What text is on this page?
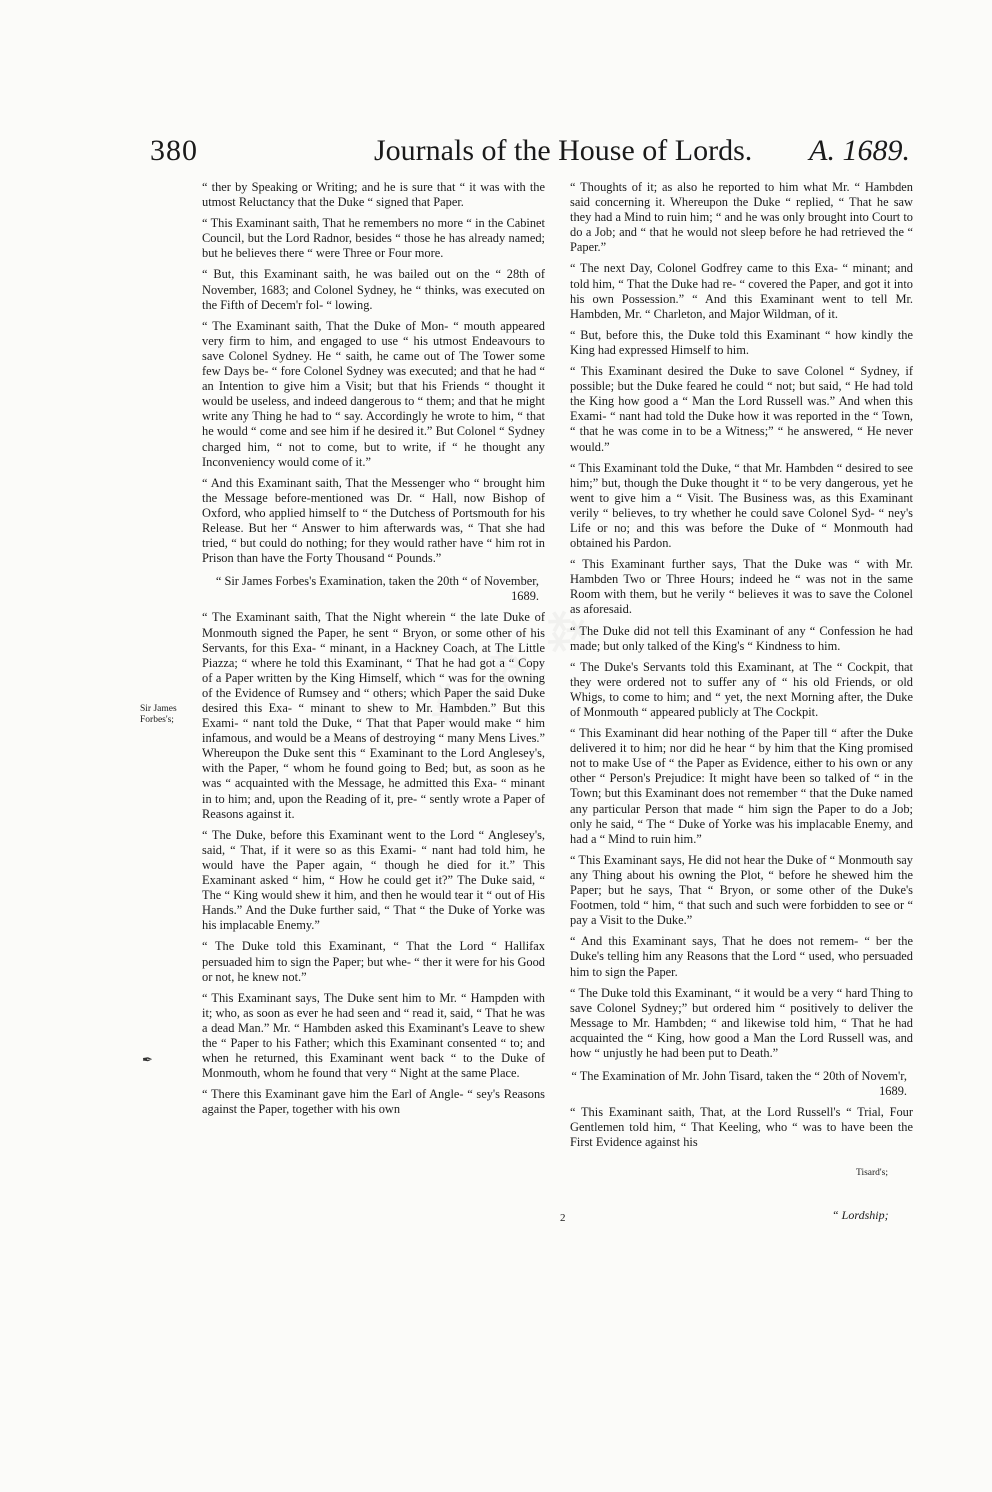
380	Journals of the House of Lords. A. 1689.
Sir James Forbes's;
✒

“ ther by Speaking or Writing; and he is sure that “ it was with the utmost Reluctancy that the Duke “ signed that Paper.

“ This Examinant saith, That he remembers no more “ in the Cabinet Council, but the Lord Radnor, besides “ those he has already named; but he believes there “ were Three or Four more.

“ But, this Examinant saith, he was bailed out on the “ 28th of November, 1683; and Colonel Sydney, he “ thinks, was executed on the Fifth of Decem'r fol- “ lowing.

“ The Examinant saith, That the Duke of Mon- “ mouth appeared very firm to him, and engaged to use “ his utmost Endeavours to save Colonel Sydney. He “ saith, he came out of The Tower some few Days be- “ fore Colonel Sydney was executed; and that he had “ an Intention to give him a Visit; but that his Friends “ thought it would be useless, and indeed dangerous to “ them; and that he might write any Thing he had to “ say. Accordingly he wrote to him, “ that he would “ come and see him if he desired it.” But Colonel “ Sydney charged him, “ not to come, but to write, if “ he thought any Inconveniency would come of it.”

“ And this Examinant saith, That the Messenger who “ brought him the Message before-mentioned was Dr. “ Hall, now Bishop of Oxford, who applied himself to “ the Dutchess of Portsmouth for his Release. But her “ Answer to him afterwards was, “ That she had tried, “ but could do nothing; for they would rather have “ him rot in Prison than have the Forty Thousand “ Pounds.”

“ Sir James Forbes's Examination, taken the 20th “ of November, 1689.

“ The Examinant saith, That the Night wherein “ the late Duke of Monmouth signed the Paper, he sent “ Bryon, or some other of his Servants, for this Exa- “ minant, in a Hackney Coach, at The Little Piazza; “ where he told this Examinant, “ That he had got a “ Copy of a Paper written by the King Himself, which “ was for the owning of the Evidence of Rumsey and “ others; which Paper the said Duke desired this Exa- “ minant to shew to Mr. Hambden.” But this Exami- “ nant told the Duke, “ That that Paper would make “ him infamous, and would be a Means of destroying “ many Mens Lives.” Whereupon the Duke sent this “ Examinant to the Lord Anglesey's, with the Paper, “ whom he found going to Bed; but, as soon as he was “ acquainted with the Message, he admitted this Exa- “ minant in to him; and, upon the Reading of it, pre- “ sently wrote a Paper of Reasons against it.

“ The Duke, before this Examinant went to the Lord “ Anglesey's, said, “ That, if it were so as this Exami- “ nant had told him, he would have the Paper again, “ though he died for it.” This Examinant asked “ him, “ How he could get it?” The Duke said, “ The “ King would shew it him, and then he would tear it “ out of His Hands.” And the Duke further said, “ That “ the Duke of Yorke was his implacable Enemy.”

“ The Duke told this Examinant, “ That the Lord “ Hallifax persuaded him to sign the Paper; but whe- “ ther it were for his Good or not, he knew not.”

“ This Examinant says, The Duke sent him to Mr. “ Hampden with it; who, as soon as ever he had seen and “ read it, said, “ That he was a dead Man.” Mr. “ Hambden asked this Examinant's Leave to shew the “ Paper to his Father; which this Examinant consented “ to; and when he returned, this Examinant went back “ to the Duke of Monmouth, whom he found that very “ Night at the same Place.

“ There this Examinant gave him the Earl of Angle- “ sey's Reasons against the Paper, together with his own

“ Thoughts of it; as also he reported to him what Mr. “ Hambden said concerning it. Whereupon the Duke “ replied, “ That he saw they had a Mind to ruin him; “ and he was only brought into Court to do a Job; and “ that he would not sleep before he had retrieved the “ Paper.”

“ The next Day, Colonel Godfrey came to this Exa- “ minant; and told him, “ That the Duke had re- “ covered the Paper, and got it into his own Possession.” “ And this Examinant went to tell Mr. Hambden, Mr. “ Charleton, and Major Wildman, of it.

“ But, before this, the Duke told this Examinant “ how kindly the King had expressed Himself to him.

“ This Examinant desired the Duke to save Colonel “ Sydney, if possible; but the Duke feared he could “ not; but said, “ He had told the King how good a “ Man the Lord Russell was.” And when this Exami- “ nant had told the Duke how it was reported in the “ Town, “ that he was come in to be a Witness;” “ he answered, “ He never would.”

“ This Examinant told the Duke, “ that Mr. Hambden “ desired to see him;” but, though the Duke thought it “ to be very dangerous, yet he went to give him a “ Visit. The Business was, as this Examinant verily “ believes, to try whether he could save Colonel Syd- “ ney's Life or no; and this was before the Duke of “ Monmouth had obtained his Pardon.

“ This Examinant further says, That the Duke was “ with Mr. Hambden Two or Three Hours; indeed he “ was not in the same Room with them, but he verily “ believes it was to save the Colonel as aforesaid.

“ The Duke did not tell this Examinant of any “ Confession he had made; but only talked of the King's “ Kindness to him.

“ The Duke's Servants told this Examinant, at The “ Cockpit, that they were ordered not to suffer any of “ his old Friends, or old Whigs, to come to him; and “ yet, the next Morning after, the Duke of Monmouth “ appeared publicly at The Cockpit.

“ This Examinant did hear nothing of the Paper till “ after the Duke delivered it to him; nor did he hear “ by him that the King promised not to make Use of “ the Paper as Evidence, either to his own or any other “ Person's Prejudice: It might have been so talked of “ in the Town; but this Examinant does not remember “ that the Duke named any particular Person that made “ him sign the Paper to do a Job; only he said, “ The “ Duke of Yorke was his implacable Enemy, and had a “ Mind to ruin him.”

“ This Examinant says, He did not hear the Duke of “ Monmouth say any Thing about his owning the Plot, “ before he shewed him the Paper; but he says, That “ Bryon, or some other of the Duke's Footmen, told “ him, “ that such and such were forbidden to see or “ pay a Visit to the Duke.”

“ And this Examinant says, That he does not remem- “ ber the Duke's telling him any Reasons that the Lord “ used, who persuaded him to sign the Paper.

“ The Duke told this Examinant, “ it would be a very “ hard Thing to save Colonel Sydney;” but ordered him “ positively to deliver the Message to Mr. Hambden; “ and likewise told him, “ That he had acquainted the “ King, how good a Man the Lord Russell was, and how “ unjustly he had been put to Death.”

“ The Examination of Mr. John Tisard, taken the “ 20th of Novem'r, 1689.

“ This Examinant saith, That, at the Lord Russell's “ Trial, Four Gentlemen told him, “ That Keeling, who “ was to have been the First Evidence against his

Tisard's;
2	“ Lordship;
